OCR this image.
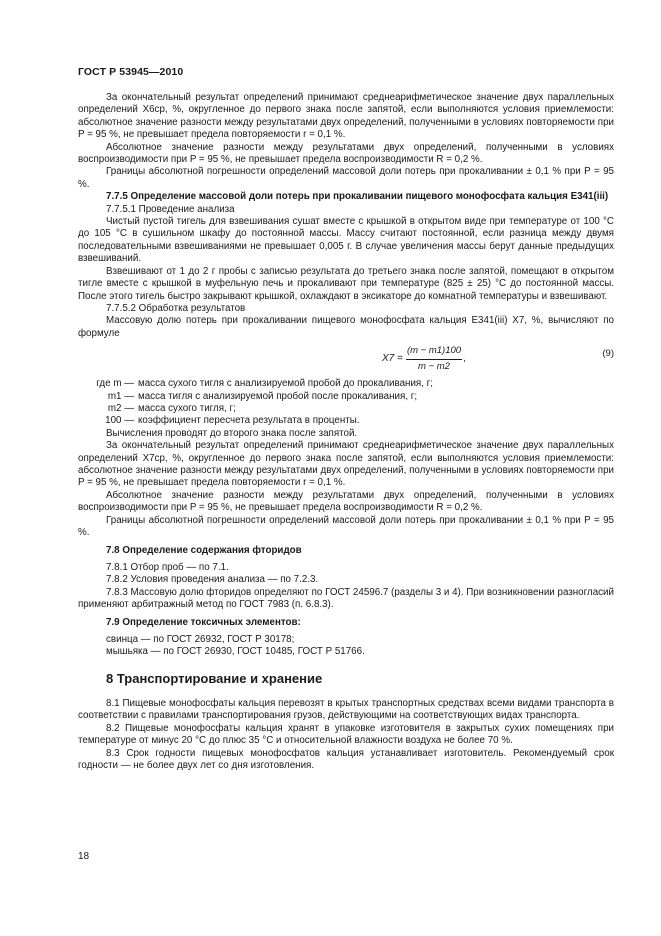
ГОСТ Р 53945—2010

За окончательный результат определений принимают среднеарифметическое значение двух параллельных определений X6ср, %, округленное до первого знака после запятой, если выполняются условия приемлемости: абсолютное значение разности между результатами двух определений, полученными в условиях повторяемости при P = 95 %, не превышает предела повторяемости r = 0,1 %.

Абсолютное значение разности между результатами двух определений, полученными в условиях воспроизводимости при P = 95 %, не превышает предела воспроизводимости R = 0,2 %.

Границы абсолютной погрешности определений массовой доли потерь при прокаливании ± 0,1 % при P = 95 %.

7.7.5 Определение массовой доли потерь при прокаливании пищевого монофосфата кальция Е341(iii)

7.7.5.1 Проведение анализа

Чистый пустой тигель для взвешивания сушат вместе с крышкой в открытом виде при температуре от 100 °С до 105 °С в сушильном шкафу до постоянной массы. Массу считают постоянной, если разница между двумя последовательными взвешиваниями не превышает 0,005 г. В случае увеличения массы берут данные предыдущих взвешиваний.

Взвешивают от 1 до 2 г пробы с записью результата до третьего знака после запятой, помещают в открытом тигле вместе с крышкой в муфельную печь и прокаливают при температуре (825 ± 25) °С до постоянной массы. После этого тигель быстро закрывают крышкой, охлаждают в эксикаторе до комнатной температуры и взвешивают.

7.7.5.2 Обработка результатов

Массовую долю потерь при прокаливании пищевого монофосфата кальция Е341(iii) X7, %, вычисляют по формуле

$X7 = \frac{(m - m1)100}{m - m2}$ ,	(9)
где m — масса сухого тигля с анализируемой пробой до прокаливания, г;
m1 — масса тигля с анализируемой пробой после прокаливания, г;
m2 — масса сухого тигля, г;
100 — коэффициент пересчета результата в проценты.

Вычисления проводят до второго знака после запятой.

За окончательный результат определений принимают среднеарифметическое значение двух параллельных определений X7ср, %, округленное до первого знака после запятой, если выполняются условия приемлемости: абсолютное значение разности между результатами двух определений, полученными в условиях повторяемости при P = 95 %, не превышает предела повторяемости r = 0,1 %.

Абсолютное значение разности между результатами двух определений, полученными в условиях воспроизводимости при P = 95 %, не превышает предела воспроизводимости R = 0,2 %.

Границы абсолютной погрешности определений массовой доли потерь при прокаливании ± 0,1 % при P = 95 %.

7.8 Определение содержания фторидов

7.8.1 Отбор проб — по 7.1.

7.8.2 Условия проведения анализа — по 7.2.3.

7.8.3 Массовую долю фторидов определяют по ГОСТ 24596.7 (разделы 3 и 4). При возникновении разногласий применяют арбитражный метод по ГОСТ 7983 (п. 6.8.3).

7.9 Определение токсичных элементов:

свинца — по ГОСТ 26932, ГОСТ Р 30178;

мышьяка — по ГОСТ 26930, ГОСТ 10485, ГОСТ Р 51766.

8 Транспортирование и хранение

8.1 Пищевые монофосфаты кальция перевозят в крытых транспортных средствах всеми видами транспорта в соответствии с правилами транспортирования грузов, действующими на соответствующих видах транспорта.

8.2 Пищевые монофосфаты кальция хранят в упаковке изготовителя в закрытых сухих помещениях при температуре от минус 20 °С до плюс 35 °С и относительной влажности воздуха не более 70 %.

8.3 Срок годности пищевых монофосфатов кальция устанавливает изготовитель. Рекомендуемый срок годности — не более двух лет со дня изготовления.

18
